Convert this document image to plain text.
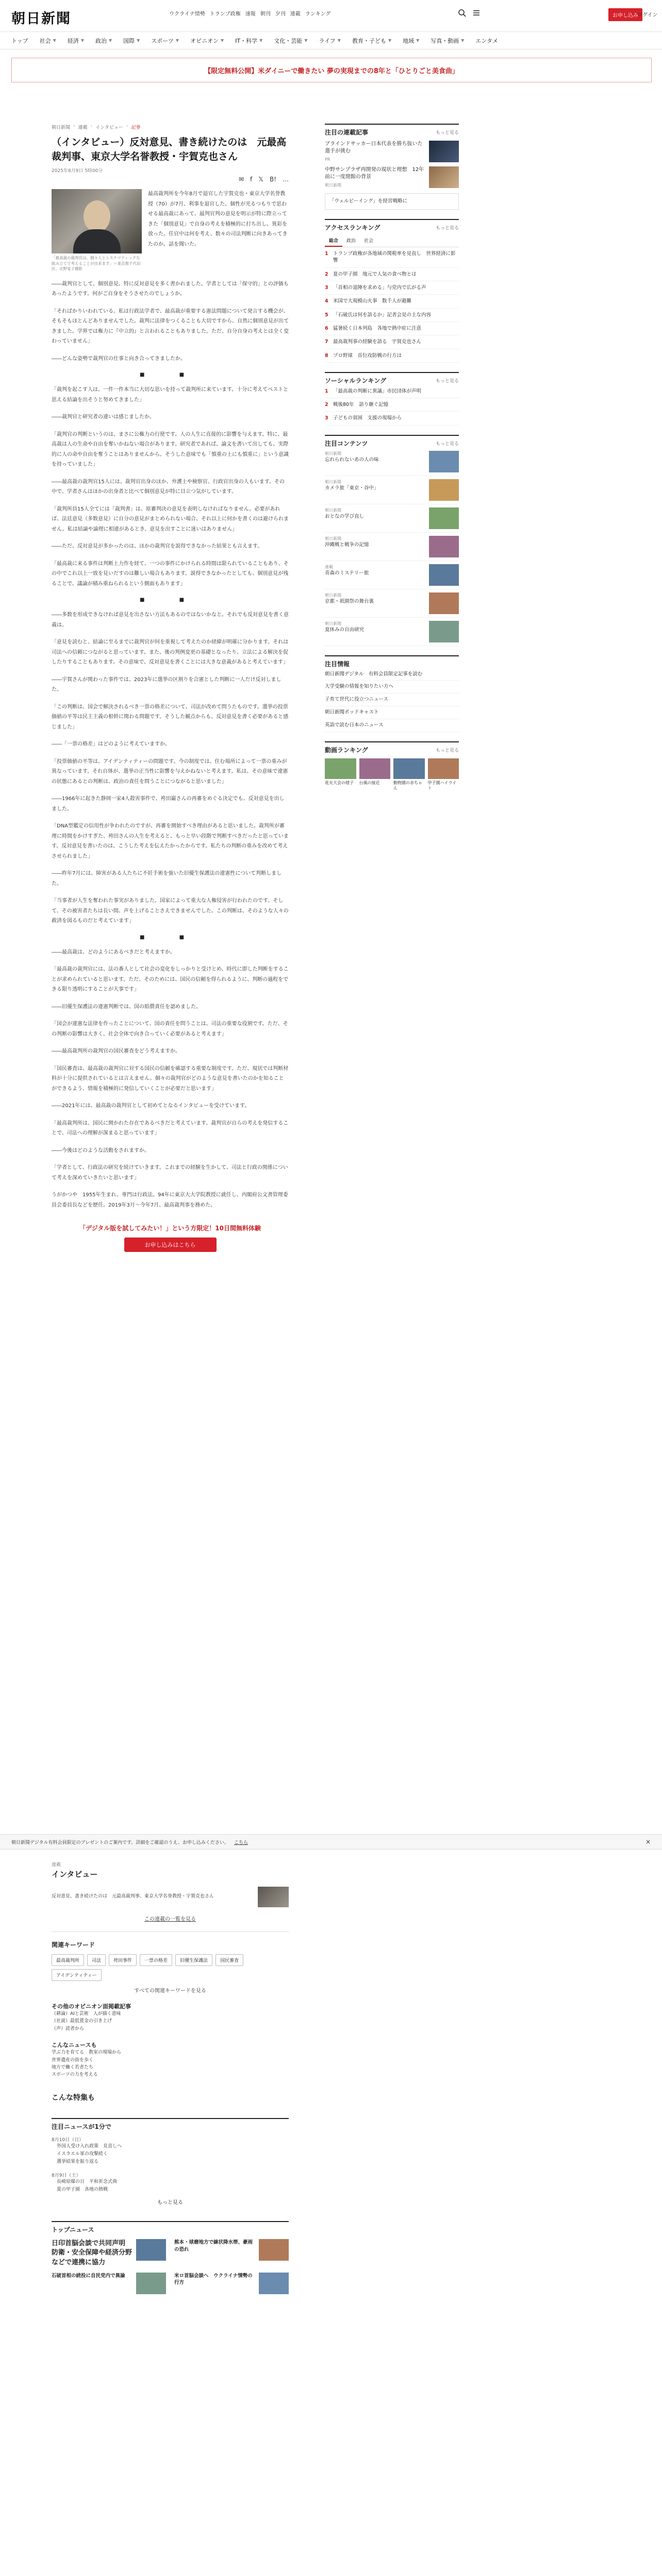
朝日新聞	ウクライナ情勢 トランプ政権 速報 朝刊 夕刊 連載 ランキング	お申し込み
ログイン
トップ 社会 ▼ 経済 ▼ 政治 ▼ 国際 ▼ スポーツ ▼ オピニオン ▼ IT・科学 ▼ 文化・芸能 ▼ ライフ ▼ 教育・子ども ▼ 地域 ▼ 写真・動画 ▼ エンタメ
【限定無料公開】米ダイニーで働きたい 夢の実現までの8年と「ひとりごと美食曲」
朝日新聞 › 連載 › インタビュー › 記事
（インタビュー）反対意見、書き続けたのは　元最高裁判事、東京大学名誉教授・宇賀克也さん
2025年8月9日 5時00分
✉ f 𝕏 B! …
「最高裁の裁判官は、個々人とシステマティックな組み立てで考えることが出来ます」＝東京都千代田区、北野晃子撮影
最高裁判所を今年8月で退官した宇賀克也・東京大学名誉教授（70）が7月、利事を退官した。個性が光るつもりで思わせる最高裁にあって、最判官判の意見を明示が特に際立ってきた「個別意見」で自身の考えを積極的に打ち出し、異彩を放った。任官中は何を考え、数々の司法判断に向きあってきたのか。話を聞いた。
――裁判官として、個別意見、特に反対意見を多く書かれました。学者としては「保守的」との評価もあったようです。何がご自身をそうさせたのでしょうか。
「そればかりいわれている。私は行政法学者で、最高裁が重要する憲法問題について発言する機会が、そもそもほとんどありませんでした。裁判に法律をつくることも大切ですから、自然に個別意見が出てきました。学界では権力に『中立的』と言われることもありました。ただ、自分自身の考えとは全く変わっていません」
――どんな姿勢で裁判官の仕事と向き合ってきましたか。
■ ■
「裁判を起こす人は、一件一件本当に大切な思いを持って裁判所に来ています。十分に考えてベストと思える結論を出そうと努めてきました」
――裁判官と研究者の違いは感じましたか。
「裁判官の判断というのは、まさに公権力の行使です。人の人生に直接的に影響を与えます。特に、最高裁は人の生命や自由を奪いかねない場合があります。研究者であれば、論文を書いて出しても、実際的に人の命や自由を奪うことはありませんから。そうした意味でも「慎重の上にも慎重に」という意識を持っていました」
――最高裁の裁判官15人には、裁判官出身のほか、弁護士や検察官、行政官出身の人もいます。その中で、学者さんはほかの出身者と比べて個別意見が特に目立つ気がしています。
「裁判所員15人全てには「裁判書」は、原審判決の意見を表明しなければなりません。必要があれば、法廷意見（多数意見）に自分の意見がまとめられない場合、それ以上に何かを書くのは避けられません。私は結論や論理に相違があるとき、意見を出すことに迷いはありません」
――ただ、反対意見が多かったのは、ほかの裁判官を説得できなかった結果とも言えます。
「最高裁に来る事件は判断上力作を経て、一つの事件にかけられる時間は限られていることもあり、その中でこれ以上一致を見いだすのは難しい場合もあります。説得できなかったとしても、個別意見が残ることで、議論が積み重ねられるという側面もあります」
■ ■
――多数を形成できなければ意見を出さない方法もあるのではないかなと。それでも反対意見を書く意義は。
「意見を読むと、結論に至るまでに裁判官が何を重視して考えたのか経緯が明確に分かります。それは司法への信頼につながると思っています。また、後の判例変更の基礎となったり、立法による解決を促したりすることもあります。その意味で、反対意見を書くことには大きな意義があると考えています」
――宇賀さんが関わった事件では、2023年に選挙の区割りを合憲とした判断に一人だけ反対しました。
「この判断は、国会で解決されるべき一票の格差について、司法が改めて問うたものです。選挙の投票価値の平等は民主主義の根幹に関わる問題です。そうした観点からも、反対意見を書く必要があると感じました」
――「一票の格差」はどのように考えていますか。
「投票価値の平等は、アイデンティティーの問題です。今の制度では、住む場所によって一票の重みが異なっています。それ自体が、選挙の正当性に影響を与えかねないと考えます。私は、その意味で違憲の状態にあるとの判断は、政治の責任を問うことにつながると思いました」
――1966年に起きた静岡一家4人殺害事件で、袴田巌さんの再審をめぐる決定でも、反対意見を出しました。
「DNA型鑑定の信用性が争われたのですが、再審を開始すべき理由があると思いました。裁判所が審理に時間をかけすぎた、袴田さんの人生を考えると、もっと早い段階で判断すべきだったと思っています。反対意見を書いたのは、こうした考えを伝えたかったからです。私たちの判断の重みを改めて考えさせられました」
――昨年7月には、障害がある人たちに不妊手術を強いた旧優生保護法の違憲性について判断しました。
「当事者が人生を奪われた事実がありました。国家によって重大な人権侵害が行われたのです。そして、その被害者たちは長い間、声を上げることさえできませんでした。この判断は、そのような人々の救済を図るものだと考えています」
■ ■
――最高裁は、どのようにあるべきだと考えますか。
「最高裁の裁判官には、法の番人として社会の変化をしっかりと受けとめ、時代に即した判断をすることが求められていると思います。ただ、そのためには、国民の信頼を得られるように、判断の過程をできる限り透明にすることが大事です」
――旧優生保護法の違憲判断では、国の賠償責任を認めました。
「国会が違憲な法律を作ったことについて、国の責任を問うことは、司法の重要な役割です。ただ、その判断の影響は大きく、社会全体で向き合っていく必要があると考えます」
――最高裁判所の裁判官の国民審査をどう考えますか。
「国民審査は、最高裁の裁判官に対する国民の信頼を確認する重要な制度です。ただ、現状では判断材料が十分に提供されているとは言えません。個々の裁判官がどのような意見を書いたのかを知ることができるよう、情報を積極的に発信していくことが必要だと思います」
――2021年には、最高裁の裁判官として初めてとなるインタビューを受けています。
「最高裁判所は、国民に開かれた存在であるべきだと考えています。裁判官が自らの考えを発信することで、司法への理解が深まると思っています」
――今後はどのような活動をされますか。
「学者として、行政法の研究を続けていきます。これまでの経験を生かして、司法と行政の関係について考えを深めていきたいと思います」
うがかつや　1955年生まれ。専門は行政法。94年に東京大大学院教授に就任し、内閣府公文書管理委員会委員長などを歴任。2019年3月〜今年7月、最高裁判事を務めた。
「デジタル版を試してみたい！」という方限定！10日間無料体験
お申し込みはこちら
注目の連載記事	もっと見る
ブラインドサッカー日本代表を勝ち抜いた選手が挑む
PR
中野サンプラザ再開発の現状と理想　12年前に一度閉館の背景
朝日新聞
「ウェルビーイング」を経営戦略に
アクセスランキング	もっと見る
総合	政治	社会
1 トランプ政権が各地域の関税率を見直し　世界経済に影響
2 夏の甲子園　地元で人気の食べ物とは
3 「首相の退陣を求める」与党内で広がる声
4 米国で大規模山火事　数千人が避難
5 「石破氏は何を語るか」記者会見の主な内容
6 猛暑続く日本列島　各地で熱中症に注意
7 最高裁判事の経験を語る　宇賀克也さん
8 プロ野球　首位攻防戦の行方は
ソーシャルランキング	もっと見る
1 「最高裁の判断に異議」市民団体が声明
2 戦後80年　語り継ぐ記憶
3 子どもの貧困　支援の現場から
注目コンテンツ	もっと見る
朝日新聞
忘れられないあの人の味
朝日新聞
カメラ旅「東京・谷中」
朝日新聞
おとなの学び直し
朝日新聞
沖縄戦と戦争の記憶
連載
青森のミステリー旅
朝日新聞
京都・祇園祭の舞台裏
朝日新聞
夏休みの自由研究
注目情報
朝日新聞デジタル　有料会員限定記事を読む
大学受験の情報を知りたい方へ
子育て世代に役立つニュース
朝日新聞ポッドキャスト
英語で読む日本のニュース
動画ランキング	もっと見る
花火大会の様子	台風の接近	動物園の赤ちゃん
甲子園ハイライト
朝日新聞デジタル有料会員限定のプレゼントのご案内です。詳細をご確認のうえ、お申し込みください。 こちら	×
連載
インタビュー
反対意見、書き続けたのは　元最高裁判事、東京大学名誉教授・宇賀克也さん
この連載の一覧を見る
関連キーワード
最高裁判所	司法	袴田事件	一票の格差	旧優生保護法	国民審査
アイデンティティー
すべての関連キーワードを見る
その他のオピニオン面掲載記事
（耕論）AIと芸術　人が描く意味
（社説）最低賃金の引き上げ
（声）読者から
こんなニュースも
学ぶ力を育てる　教室の現場から
世界遺産の街を歩く
地方で働く若者たち
スポーツの力を考える
こんな特集も
注目ニュースが1分で
8月10日（日）
外国人受け入れ政策　見直しへ
イスラエル軍の攻撃続く
選挙結果を振り返る
8月9日（土）
長崎原爆の日　平和祈念式典
夏の甲子園　各地の熱戦
もっと見る
トップニュース
日印首脳会談で共同声明　防衛・安全保障や経済分野などで連携に協力
熊本・球磨地方で線状降水帯、豪雨の恐れ
石破首相の続投に自民党内で異論	米ロ首脳会談へ　ウクライナ情勢の行方
